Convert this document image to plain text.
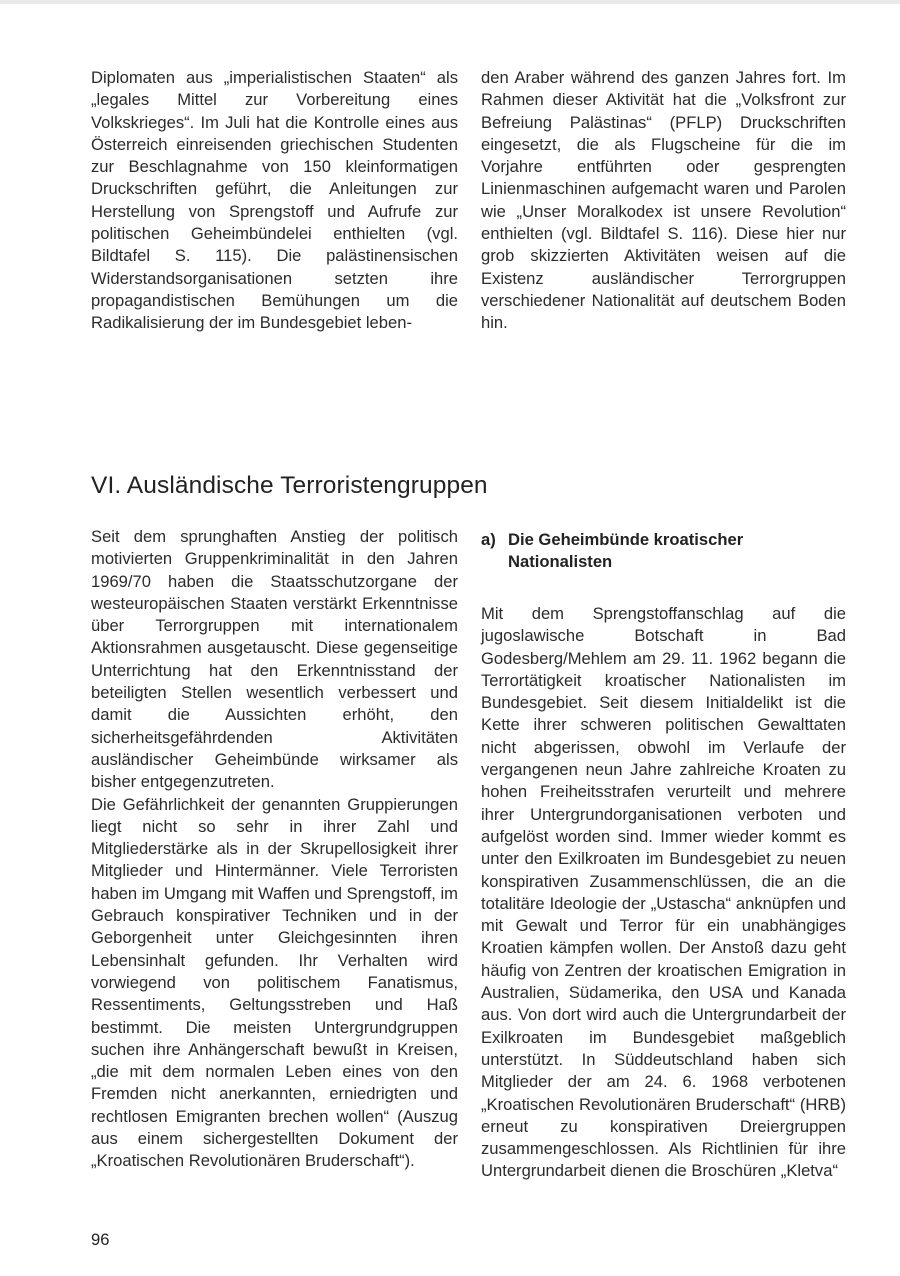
Diplomaten aus „imperialistischen Staaten“ als „legales Mittel zur Vorbereitung eines Volkskrieges“. Im Juli hat die Kontrolle eines aus Österreich einreisenden griechischen Studenten zur Beschlagnahme von 150 kleinformatigen Druckschriften geführt, die Anleitungen zur Herstellung von Sprengstoff und Aufrufe zur politischen Geheimbündelei enthielten (vgl. Bildtafel S. 115). Die palästinensischen Widerstandsorganisationen setzten ihre propagandistischen Bemühungen um die Radikalisierung der im Bundesgebiet leben-

den Araber während des ganzen Jahres fort. Im Rahmen dieser Aktivität hat die „Volksfront zur Befreiung Palästinas“ (PFLP) Druckschriften eingesetzt, die als Flugscheine für die im Vorjahre entführten oder gesprengten Linienmaschinen aufgemacht waren und Parolen wie „Unser Moralkodex ist unsere Revolution“ enthielten (vgl. Bildtafel S. 116). Diese hier nur grob skizzierten Aktivitäten weisen auf die Existenz ausländischer Terrorgruppen verschiedener Nationalität auf deutschem Boden hin.

VI. Ausländische Terroristengruppen

Seit dem sprunghaften Anstieg der politisch motivierten Gruppenkriminalität in den Jahren 1969/70 haben die Staatsschutzorgane der westeuropäischen Staaten verstärkt Erkenntnisse über Terrorgruppen mit internationalem Aktionsrahmen ausgetauscht. Diese gegenseitige Unterrichtung hat den Erkenntnisstand der beteiligten Stellen wesentlich verbessert und damit die Aussichten erhöht, den sicherheitsgefährdenden Aktivitäten ausländischer Geheimbünde wirksamer als bisher entgegenzutreten.

Die Gefährlichkeit der genannten Gruppierungen liegt nicht so sehr in ihrer Zahl und Mitgliederstärke als in der Skrupellosigkeit ihrer Mitglieder und Hintermänner. Viele Terroristen haben im Umgang mit Waffen und Sprengstoff, im Gebrauch konspirativer Techniken und in der Geborgenheit unter Gleichgesinnten ihren Lebensinhalt gefunden. Ihr Verhalten wird vorwiegend von politischem Fanatismus, Ressentiments, Geltungsstreben und Haß bestimmt. Die meisten Untergrundgruppen suchen ihre Anhängerschaft bewußt in Kreisen, „die mit dem normalen Leben eines von den Fremden nicht anerkannten, erniedrigten und rechtlosen Emigranten brechen wollen“ (Auszug aus einem sichergestellten Dokument der „Kroatischen Revolutionären Bruderschaft“).

a) Die Geheimbünde kroatischer
Nationalisten

Mit dem Sprengstoffanschlag auf die jugoslawische Botschaft in Bad Godesberg/Mehlem am 29. 11. 1962 begann die Terrortätigkeit kroatischer Nationalisten im Bundesgebiet. Seit diesem Initialdelikt ist die Kette ihrer schweren politischen Gewalttaten nicht abgerissen, obwohl im Verlaufe der vergangenen neun Jahre zahlreiche Kroaten zu hohen Freiheitsstrafen verurteilt und mehrere ihrer Untergrundorganisationen verboten und aufgelöst worden sind. Immer wieder kommt es unter den Exilkroaten im Bundesgebiet zu neuen konspirativen Zusammenschlüssen, die an die totalitäre Ideologie der „Ustascha“ anknüpfen und mit Gewalt und Terror für ein unabhängiges Kroatien kämpfen wollen. Der Anstoß dazu geht häufig von Zentren der kroatischen Emigration in Australien, Südamerika, den USA und Kanada aus. Von dort wird auch die Untergrundarbeit der Exilkroaten im Bundesgebiet maßgeblich unterstützt. In Süddeutschland haben sich Mitglieder der am 24. 6. 1968 verbotenen „Kroatischen Revolutionären Bruderschaft“ (HRB) erneut zu konspirativen Dreiergruppen zusammengeschlossen. Als Richtlinien für ihre Untergrundarbeit dienen die Broschüren „Kletva“

96
